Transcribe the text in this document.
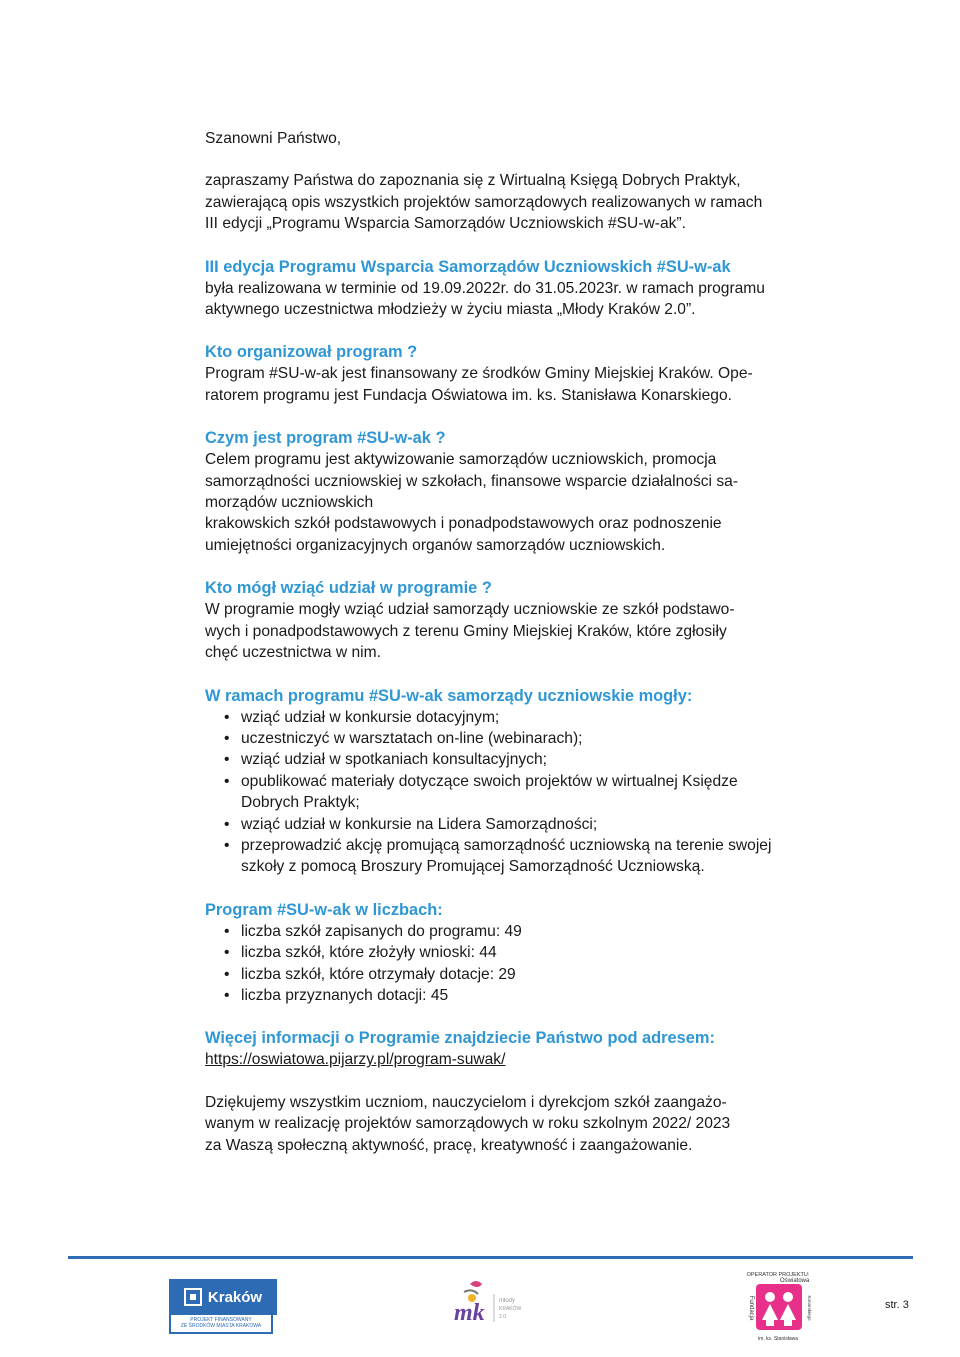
Szanowni Państwo,

zapraszamy Państwa do zapoznania się z Wirtualną Księgą Dobrych Praktyk,

zawierającą opis wszystkich projektów samorządowych realizowanych w ramach

III edycji „Programu Wsparcia Samorządów Uczniowskich #SU-w-ak”.

III edycja Programu Wsparcia Samorządów Uczniowskich #SU-w-ak

była realizowana w terminie od 19.09.2022r. do 31.05.2023r. w ramach programu

aktywnego uczestnictwa młodzieży w życiu miasta „Młody Kraków 2.0”.

Kto organizował program ?

Program #SU-w-ak jest finansowany ze środków Gminy Miejskiej Kraków. Ope-

ratorem programu jest Fundacja Oświatowa im. ks. Stanisława Konarskiego.

Czym jest program #SU-w-ak ?

Celem programu jest aktywizowanie samorządów uczniowskich, promocja

samorządności uczniowskiej w szkołach, finansowe wsparcie działalności sa-

morządów uczniowskich

krakowskich szkół podstawowych i ponadpodstawowych oraz podnoszenie

umiejętności organizacyjnych organów samorządów uczniowskich.

Kto mógł wziąć udział w programie ?

W programie mogły wziąć udział samorządy uczniowskie ze szkół podstawo-

wych i ponadpodstawowych z terenu Gminy Miejskiej Kraków, które zgłosiły

chęć uczestnictwa w nim.

W ramach programu #SU-w-ak samorządy uczniowskie mogły:

• wziąć udział w konkursie dotacyjnym;
• uczestniczyć w warsztatach on-line (webinarach);
• wziąć udział w spotkaniach konsultacyjnych;
• opublikować materiały dotyczące swoich projektów w wirtualnej Księdze Dobrych Praktyk;
• wziąć udział w konkursie na Lidera Samorządności;
• przeprowadzić akcję promującą samorządność uczniowską na terenie swojej szkoły z pomocą Broszury Promującej Samorządność Uczniowską.

Program #SU-w-ak w liczbach:

• liczba szkół zapisanych do programu: 49
• liczba szkół, które złożyły wnioski: 44
• liczba szkół, które otrzymały dotacje: 29
• liczba przyznanych dotacji: 45

Więcej informacji o Programie znajdziecie Państwo pod adresem:

https://oswiatowa.pijarzy.pl/program-suwak/

Dziękujemy wszystkim uczniom, nauczycielom i dyrekcjom szkół zaangażo-

wanym w realizację projektów samorządowych w roku szkolnym 2022/ 2023

za Waszą społeczną aktywność, pracę, kreatywność i zaangażowanie.

Kraków
PROJEKT FINANSOWANY
ZE ŚRODKÓW MIASTA KRAKOWA	mk młody
KRAKÓW
2.0
OPERATOR PROJEKTU:
Oświatowa
Fundacja	Konarskiego
im. ks. Stanisława
str. 3
